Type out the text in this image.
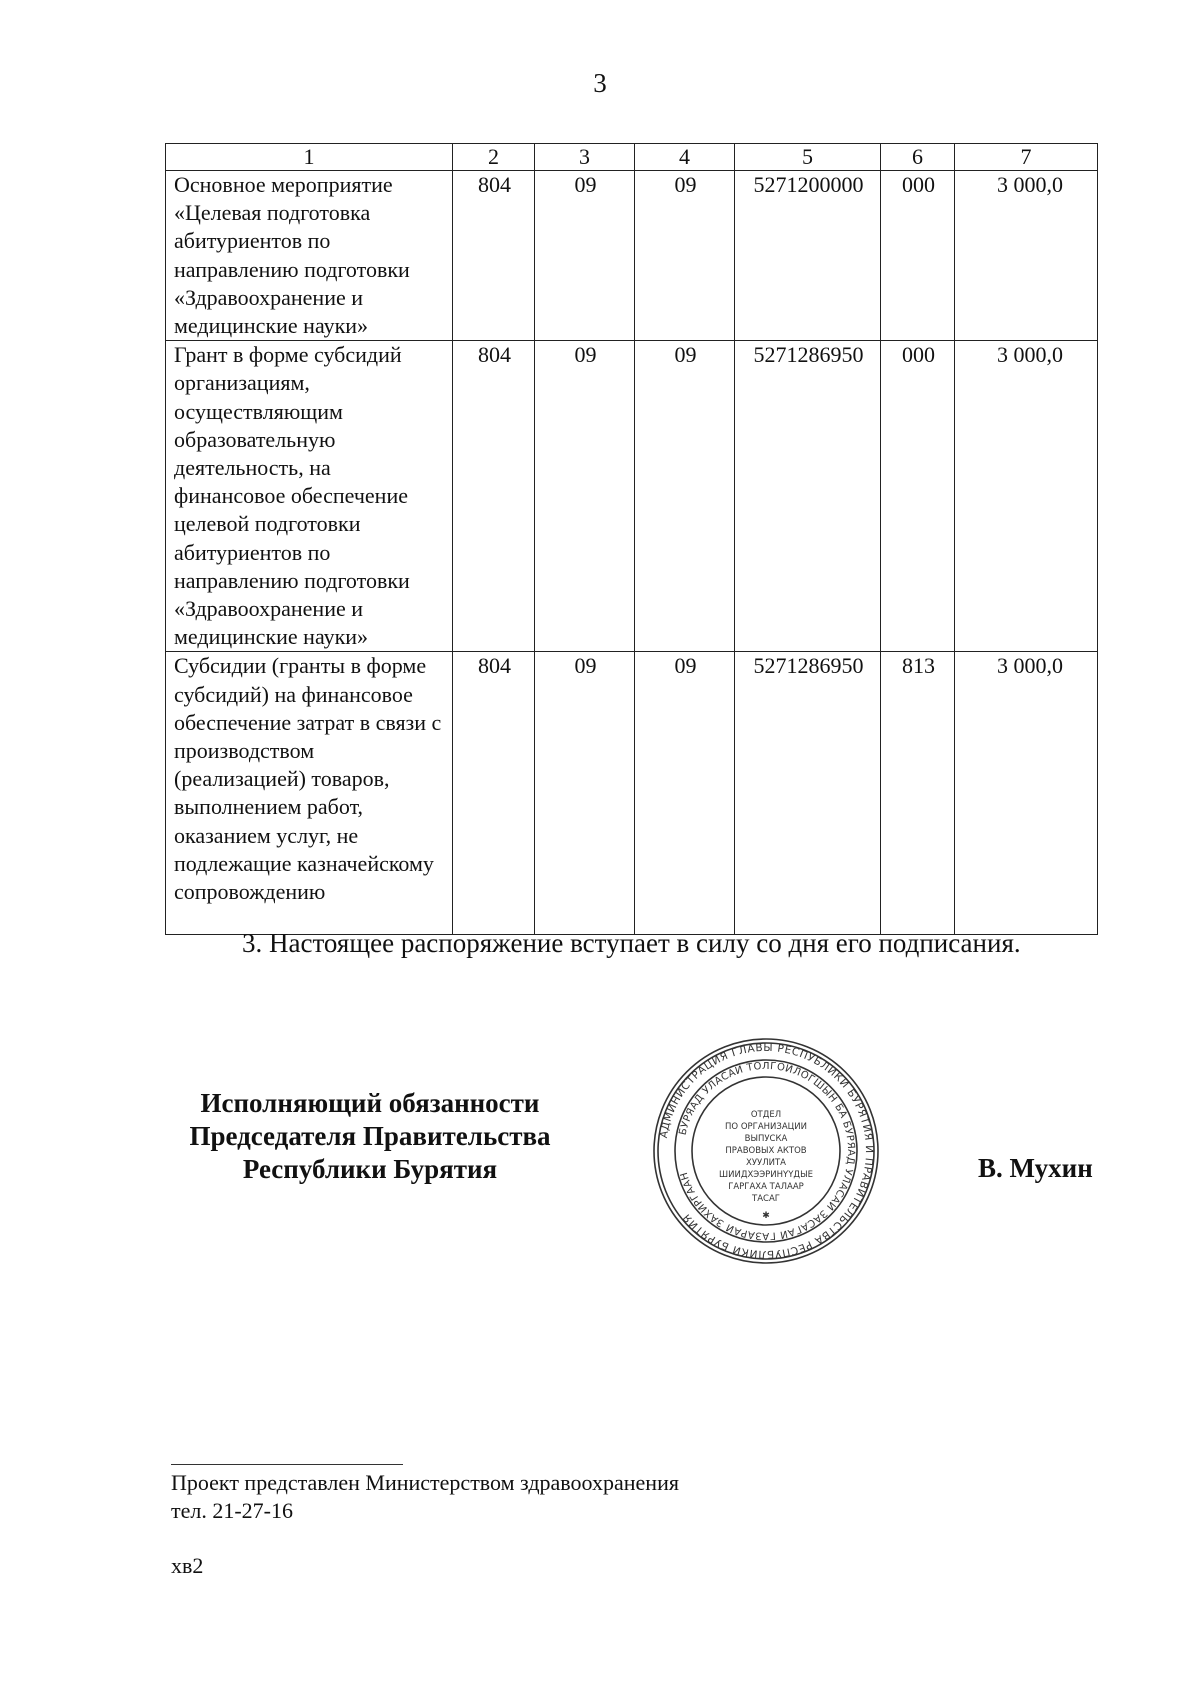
3
1	2	3	4	5	6	7
Основное мероприятие «Целевая подготовка абитуриентов по направлению подготовки «Здравоохранение и медицинские науки»	804	09	09	5271200000	000	3 000,0
Грант в форме субсидий организациям, осуществляющим образовательную деятельность, на финансовое обеспечение целевой подготовки абитуриентов по направлению подготовки «Здравоохранение и медицинские науки»	804	09	09	5271286950	000	3 000,0
Субсидии (гранты в форме субсидий) на финансовое обеспечение затрат в связи с производством (реализацией) товаров, выполнением работ, оказанием услуг, не подлежащие казначейскому сопровождению	804	09	09	5271286950	813	3 000,0
3. Настоящее распоряжение вступает в силу со дня его подписания.
Исполняющий обязанности
Председателя Правительства
Республики Бурятия
АДМИНИСТРАЦИЯ ГЛАВЫ РЕСПУБЛИКИ БУРЯТИЯ И ПРАВИТЕЛЬСТВА РЕСПУБЛИКИ БУРЯТИЯ
БУРЯАД УЛАСАЙ ТОЛГОЙЛОГШЫН БА БУРЯАД УЛАСАЙ ЗАСАГАЙ ГАЗАРАЙ ЗАХИРГААН
ОТДЕЛ
ПО ОРГАНИЗАЦИИ
ВЫПУСКА
ПРАВОВЫХ АКТОВ
ХУУЛИТА
ШИИДХЭЭРИНҮҮДЫЕ
ГАРГАХА ТАЛААР
ТАСАГ
✱
В. Мухин
Проект представлен Министерством здравоохранения
тел. 21-27-16
хв2
